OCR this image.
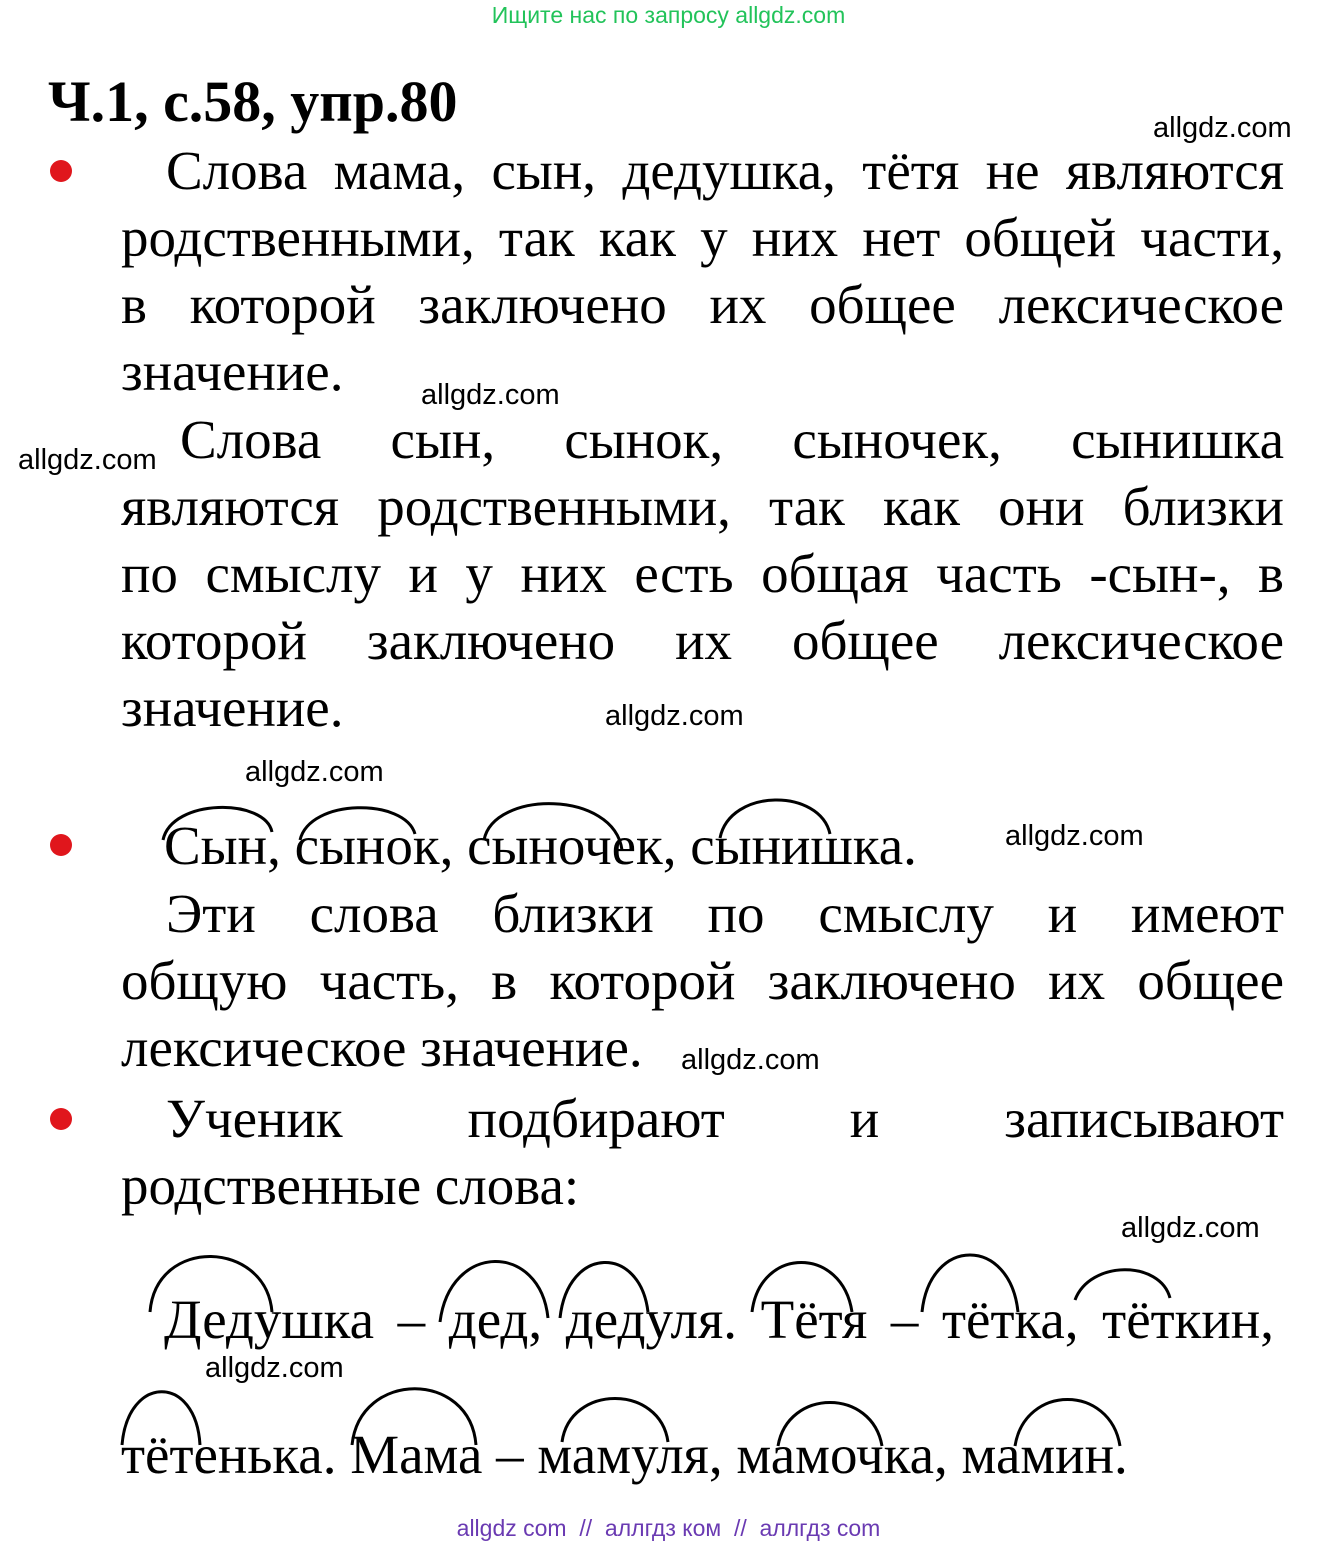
Ищите нас по запросу allgdz.com
Ч.1, с.58, упр.80	allgdz.com
allgdz.com
allgdz.com
allgdz.com
allgdz.com
allgdz.com
allgdz.com
allgdz.com
allgdz.com
Слова мама, сын, дедушка, тётя не являются
родственными, так как у них нет общей части,
в которой заключено их общее лексическое
значение.
Слова сын, сынок, сыночек, сынишка
являются родственными, так как они близки
по смыслу и у них есть общая часть -сын-, в
которой заключено их общее лексическое
значение.
Сын, сынок, сыночек, сынишка.
Эти слова близки по смыслу и имеют
общую часть, в которой заключено их общее
лексическое значение.
Ученик подбирают и записывают
родственные слова:
Дедушка – дед, дедуля. Тётя – тётка, тёткин,
тётенька. Мама – мамуля, мамочка, мамин.
allgdz com  //  аллгдз ком  //  аллгдз com
